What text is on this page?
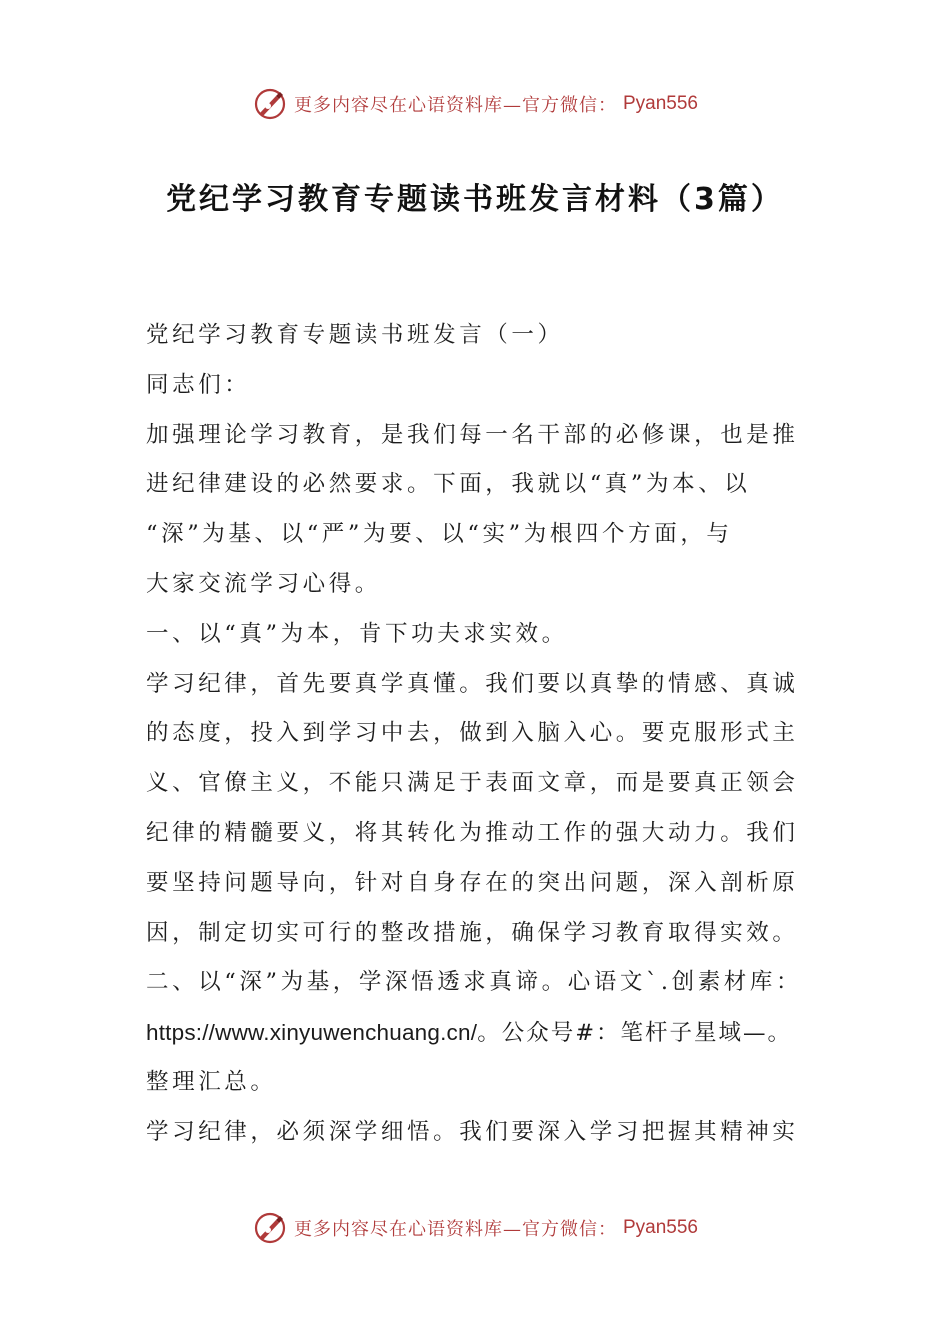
更多内容尽在心语资料库—官方微信： Pyan556
党纪学习教育专题读书班发言材料（3篇）
党纪学习教育专题读书班发言（一）
同志们：
加强理论学习教育，是我们每一名干部的必修课，也是推
进纪律建设的必然要求。下面，我就以“真”为本、以
“深”为基、以“严”为要、以“实”为根四个方面，与
大家交流学习心得。
一、以“真”为本，肯下功夫求实效。
学习纪律，首先要真学真懂。我们要以真挚的情感、真诚
的态度，投入到学习中去，做到入脑入心。要克服形式主
义、官僚主义，不能只满足于表面文章，而是要真正领会
纪律的精髓要义，将其转化为推动工作的强大动力。我们
要坚持问题导向，针对自身存在的突出问题，深入剖析原
因，制定切实可行的整改措施，确保学习教育取得实效。
二、以“深”为基，学深悟透求真谛。心语文`.创素材库：
https://www.xinyuwenchuang.cn/。公众号#：笔杆子星域—。
整理汇总。
学习纪律，必须深学细悟。我们要深入学习把握其精神实
更多内容尽在心语资料库—官方微信： Pyan556
